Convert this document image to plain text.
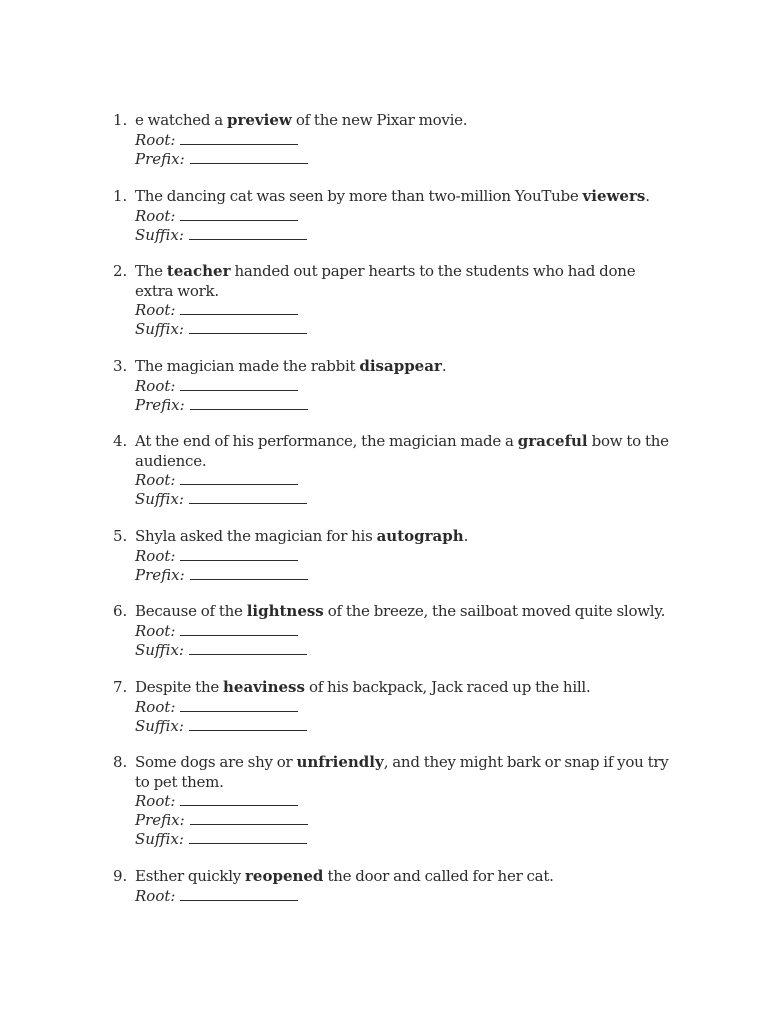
1. e watched a preview of the new Pixar movie.

Root:
Prefix:
1. The dancing cat was seen by more than two-million YouTube viewers.

Root:
Suffix:
2. The teacher handed out paper hearts to the students who had done extra work.

Root:
Suffix:
3. The magician made the rabbit disappear.

Root:
Prefix:
4. At the end of his performance, the magician made a graceful bow to the audience.

Root:
Suffix:
5. Shyla asked the magician for his autograph.

Root:
Prefix:
6. Because of the lightness of the breeze, the sailboat moved quite slowly.

Root:
Suffix:
7. Despite the heaviness of his backpack, Jack raced up the hill.

Root:
Suffix:
8. Some dogs are shy or unfriendly, and they might bark or snap if you try to pet them.

Root:
Prefix:
Suffix:
9. Esther quickly reopened the door and called for her cat.

Root:
